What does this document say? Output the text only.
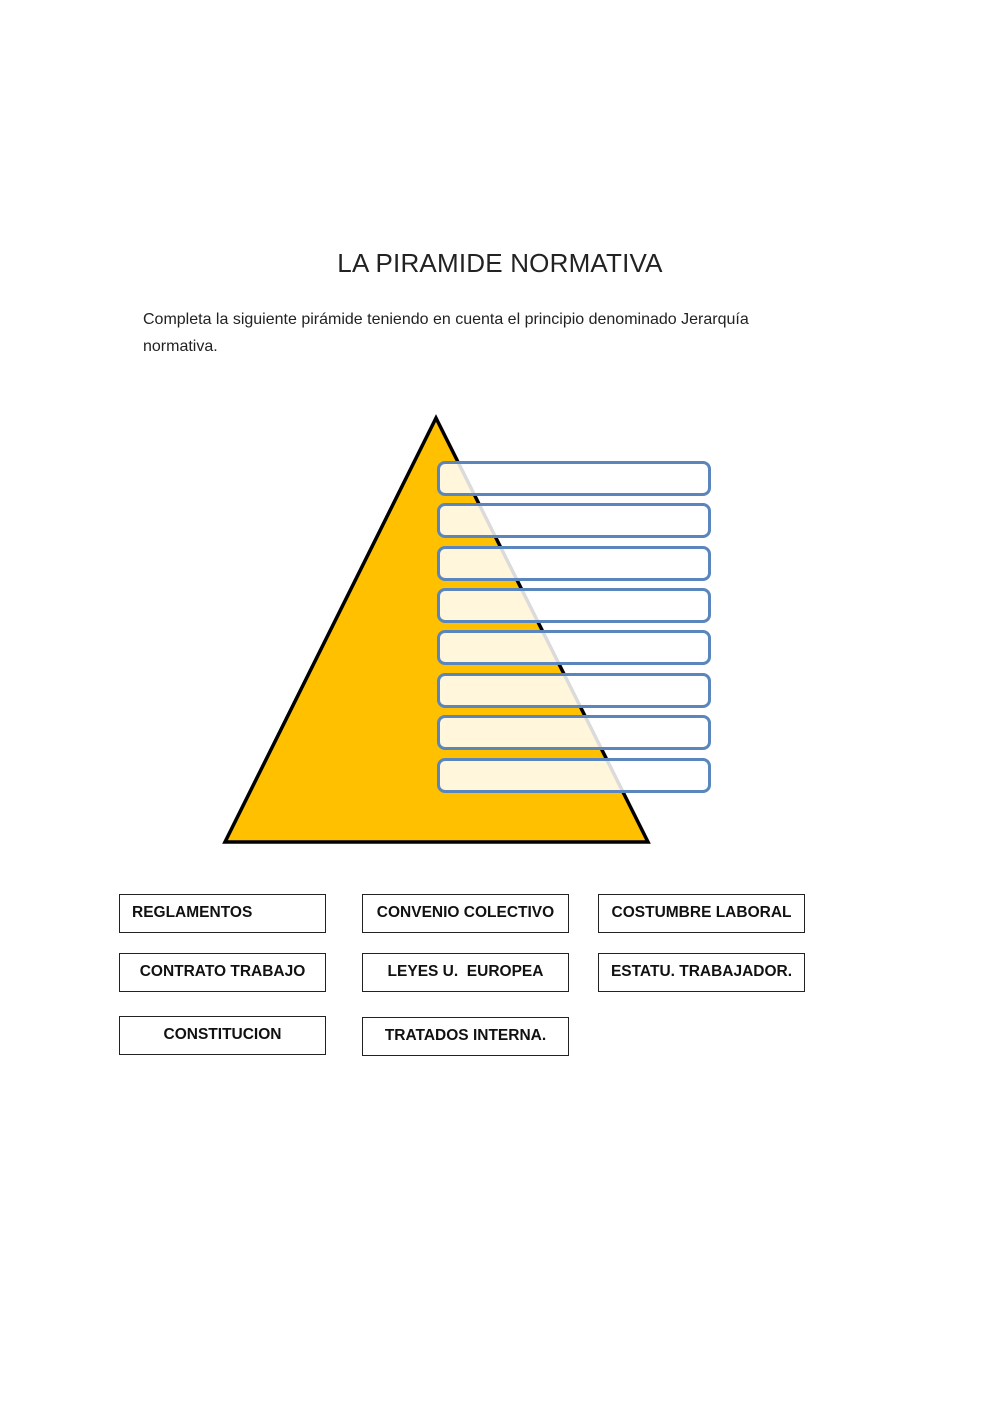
LA PIRAMIDE NORMATIVA
Completa la siguiente pirámide teniendo en cuenta el principio denominado Jerarquía normativa.
REGLAMENTOS	CONVENIO COLECTIVO	COSTUMBRE LABORAL
CONTRATO TRABAJO	LEYES U.  EUROPEA	ESTATU. TRABAJADOR.
CONSTITUCION	TRATADOS INTERNA.
